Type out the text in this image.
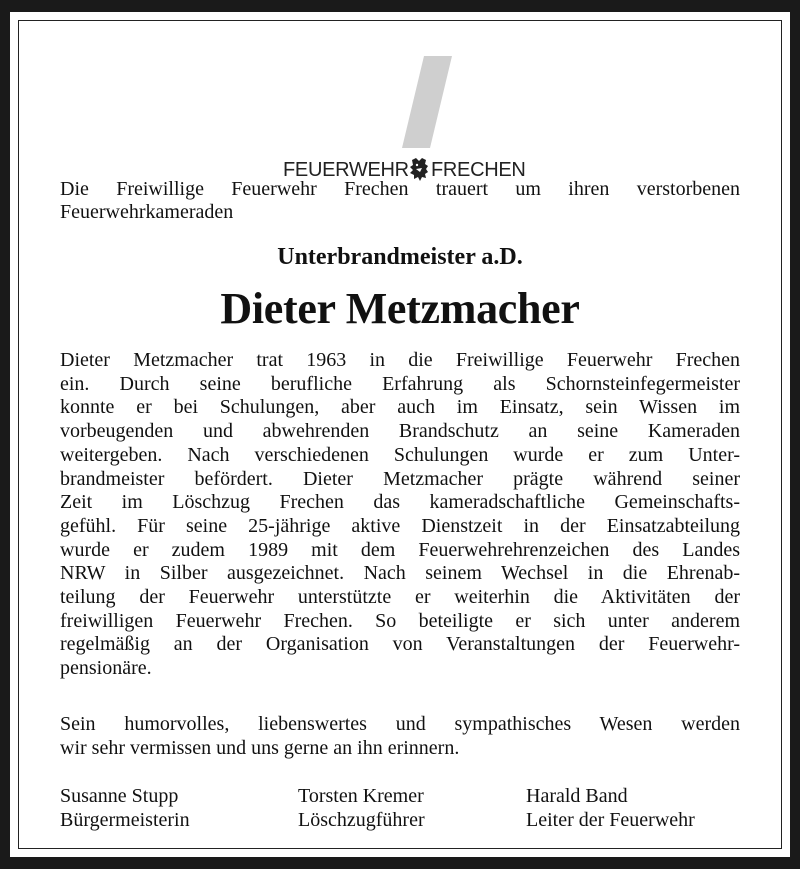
FEUERWEHR FRECHEN
Die Freiwillige Feuerwehr Frechen trauert um ihren verstorbenen
Feuerwehrkameraden
Unterbrandmeister a.D.
Dieter Metzmacher
Dieter Metzmacher trat 1963 in die Freiwillige Feuerwehr Frechen
ein. Durch seine berufliche Erfahrung als Schornsteinfegermeister
konnte er bei Schulungen, aber auch im Einsatz, sein Wissen im
vorbeugenden und abwehrenden Brandschutz an seine Kameraden
weitergeben. Nach verschiedenen Schulungen wurde er zum Unter-
brandmeister befördert. Dieter Metzmacher prägte während seiner
Zeit im Löschzug Frechen das kameradschaftliche Gemeinschafts-
gefühl. Für seine 25-jährige aktive Dienstzeit in der Einsatzabteilung
wurde er zudem 1989 mit dem Feuerwehrehrenzeichen des Landes
NRW in Silber ausgezeichnet. Nach seinem Wechsel in die Ehrenab-
teilung der Feuerwehr unterstützte er weiterhin die Aktivitäten der
freiwilligen Feuerwehr Frechen. So beteiligte er sich unter anderem
regelmäßig an der Organisation von Veranstaltungen der Feuerwehr-
pensionäre.
Sein humorvolles, liebenswertes und sympathisches Wesen werden
wir sehr vermissen und uns gerne an ihn erinnern.
Susanne Stupp
Bürgermeisterin
Torsten Kremer
Löschzugführer
Harald Band
Leiter der Feuerwehr
